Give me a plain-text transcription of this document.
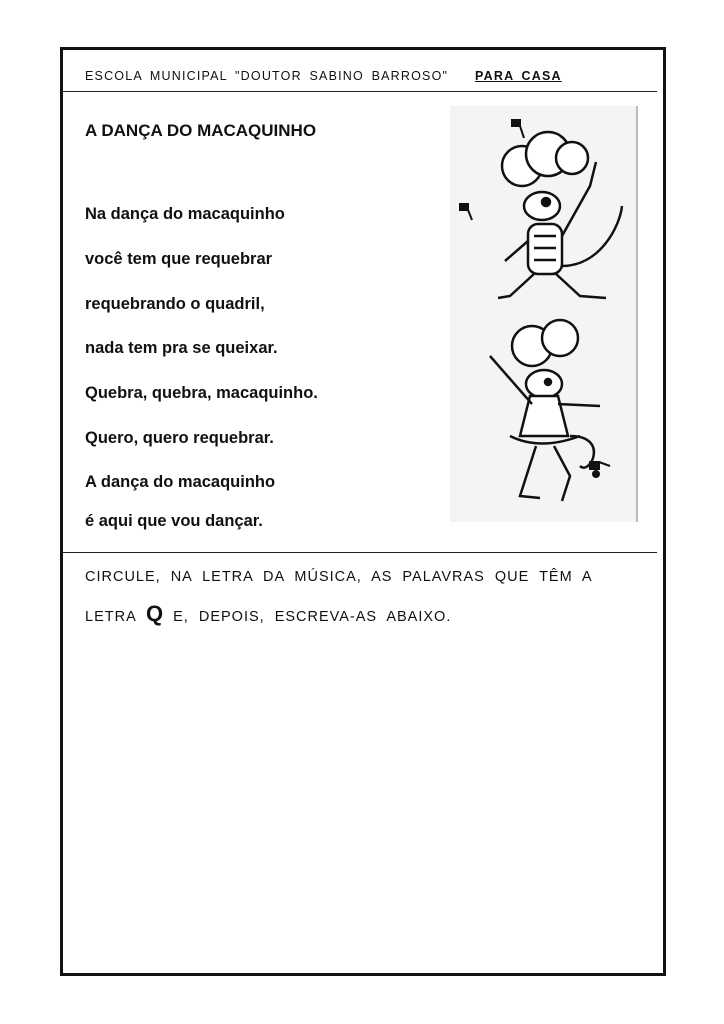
ESCOLA MUNICIPAL "DOUTOR SABINO BARROSO" PARA CASA
A DANÇA DO MACAQUINHO
Na dança do macaquinho
você tem que requebrar
requebrando o quadril,
nada tem pra se queixar.
Quebra, quebra, macaquinho.
Quero, quero requebrar.
A dança do macaquinho
é aqui que vou dançar.
CIRCULE, NA LETRA DA MÚSICA, AS PALAVRAS QUE TÊM A
LETRA Q E, DEPOIS, ESCREVA-AS ABAIXO.
